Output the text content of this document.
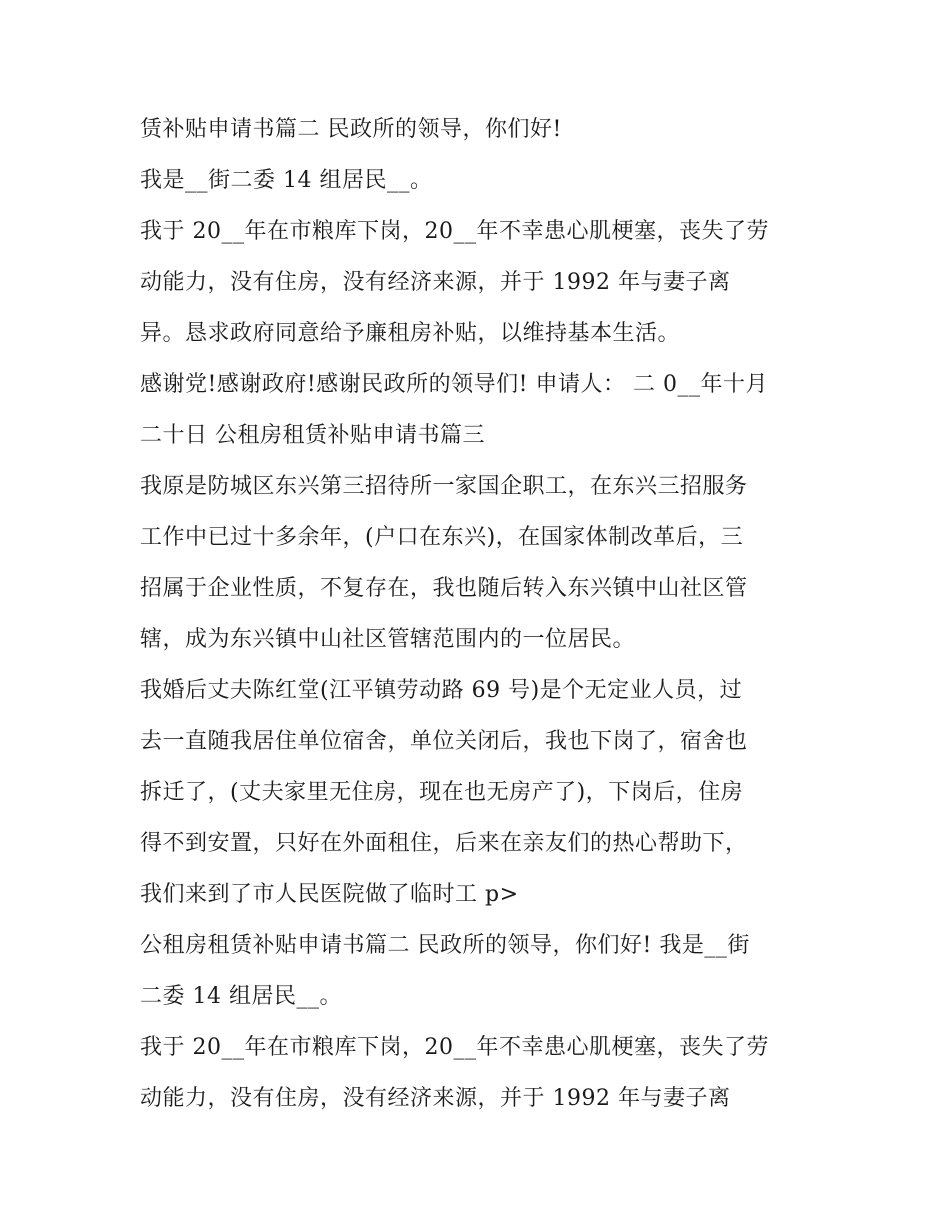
赁补贴申请书篇二 民政所的领导，你们好!
我是__街二委 14 组居民__。
我于 20__年在市粮库下岗，20__年不幸患心肌梗塞，丧失了劳
动能力，没有住房，没有经济来源，并于 1992 年与妻子离
异。恳求政府同意给予廉租房补贴，以维持基本生活。
感谢党!感谢政府!感谢民政所的领导们! 申请人： 二 0__年十月
二十日 公租房租赁补贴申请书篇三
我原是防城区东兴第三招待所一家国企职工，在东兴三招服务
工作中已过十多余年，(户口在东兴)，在国家体制改革后，三
招属于企业性质，不复存在，我也随后转入东兴镇中山社区管
辖，成为东兴镇中山社区管辖范围内的一位居民。
我婚后丈夫陈红堂(江平镇劳动路 69 号)是个无定业人员，过
去一直随我居住单位宿舍，单位关闭后，我也下岗了，宿舍也
拆迁了，(丈夫家里无住房，现在也无房产了)，下岗后，住房
得不到安置，只好在外面租住，后来在亲友们的热心帮助下，
我们来到了市人民医院做了临时工 p>
公租房租赁补贴申请书篇二 民政所的领导，你们好! 我是__街
二委 14 组居民__。
我于 20__年在市粮库下岗，20__年不幸患心肌梗塞，丧失了劳
动能力，没有住房，没有经济来源，并于 1992 年与妻子离
